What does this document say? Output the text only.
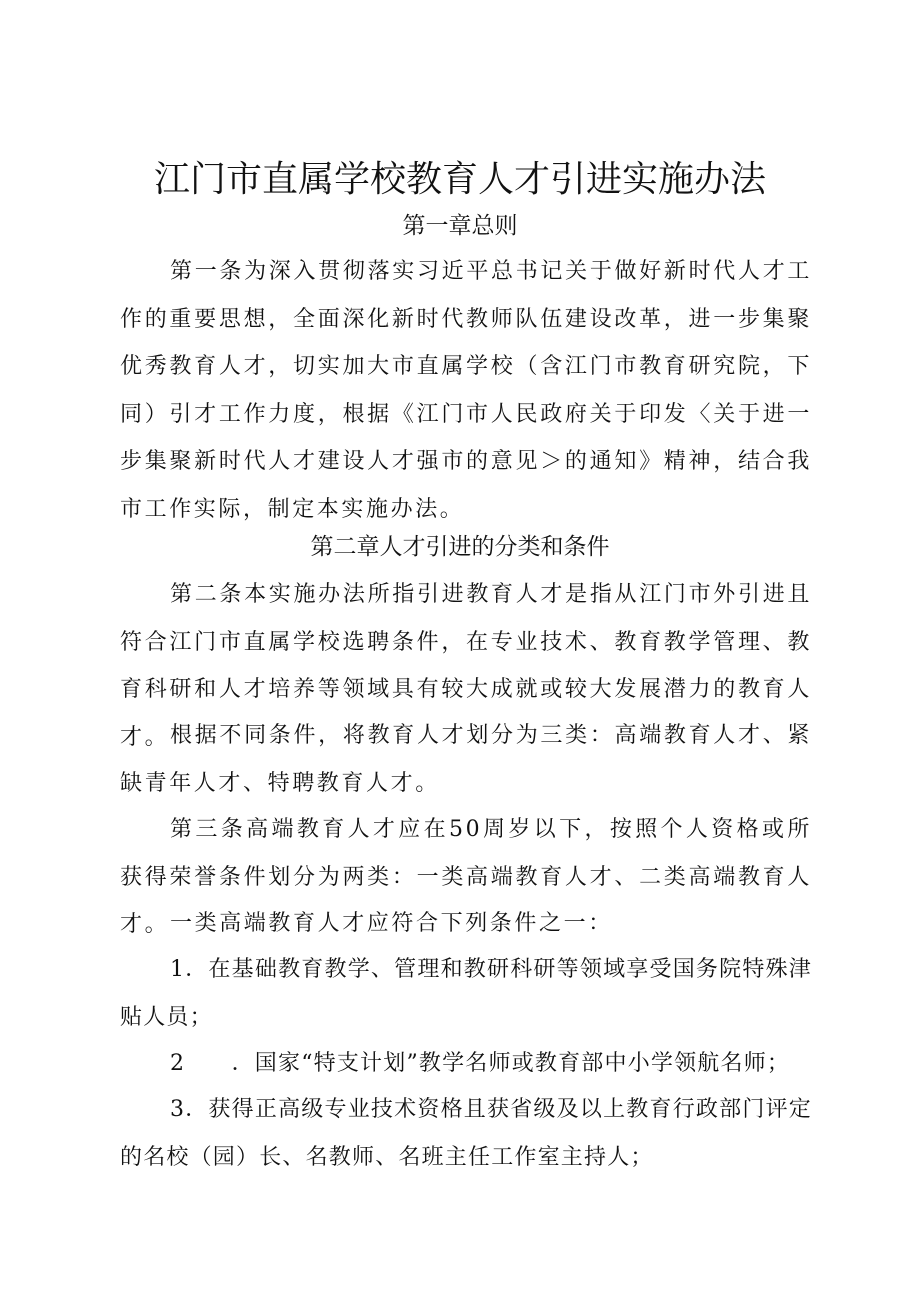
江门市直属学校教育人才引进实施办法
第一章总则

第一条为深入贯彻落实习近平总书记关于做好新时代人才工作的重要思想，全面深化新时代教师队伍建设改革，进一步集聚优秀教育人才，切实加大市直属学校（含江门市教育研究院，下同）引才工作力度，根据《江门市人民政府关于印发〈关于进一步集聚新时代人才建设人才强市的意见＞的通知》精神，结合我市工作实际，制定本实施办法。

第二章人才引进的分类和条件

第二条本实施办法所指引进教育人才是指从江门市外引进且符合江门市直属学校选聘条件，在专业技术、教育教学管理、教育科研和人才培养等领域具有较大成就或较大发展潜力的教育人才。 根据不同条件，将教育人才划分为三类：高端教育人才、紧缺青年人才、特聘教育人才。

第三条高端教育人才应在50周岁以下，按照个人资格或所获得荣誉条件划分为两类：一类高端教育人才、二类高端教育人才。 一类高端教育人才应符合下列条件之一：

1．在基础教育教学、管理和教研科研等领域享受国务院特殊津贴人员；

2　　．国家“特支计划”教学名师或教育部中小学领航名师；

3．获得正高级专业技术资格且获省级及以上教育行政部门评定的名校（园）长、名教师、名班主任工作室主持人；
